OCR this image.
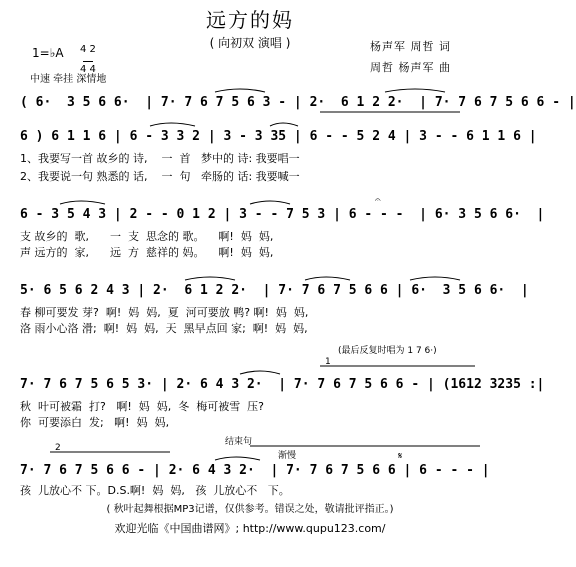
远方的妈
( 向初双 演唱 )	杨声军 周哲 词
周哲 杨声军 曲
1=♭A 4 2
4 4
中速 牵挂 深情地
( 6·  3 5 6 6·  | 7· 7 6 7 5 6 3 - | 2·  6 1 2 2·  | 7· 7 6 7 5 6 6 - |
6 ) 6 1 1 6 | 6 - 3 3 2 | 3 - 3 35 | 6 - - 5 2 4 | 3 - - 6 1 1 6 |
1、我要写一首 故乡的 诗,    一  首   梦中的 诗: 我要唱一
2、我要说一句 熟悉的 话,    一  句   牵肠的 话: 我要喊一
6 - 3 5 4 3 | 2 - - 0 1 2 | 3 - - 7 5 3 | 6 - - -  | 6· 3 5 6 6·  |
𝄐
支 故乡的  歌,      一  支  思念的 歌。    啊!  妈  妈,
声 远方的  家,      远  方  慈祥的 妈。    啊!  妈  妈,
5· 6 5 6 2 4 3 | 2·  6 1 2 2·  | 7· 7 6 7 5 6 6 | 6·  3 5 6 6·  |
春 柳可要发 芽?  啊!  妈  妈,  夏  河可要放 鸭? 啊!  妈  妈,
洛 雨小心洛 滑;  啊!  妈  妈,  天  黑早点回 家;  啊!  妈  妈,
(最后反复时唱为 1 7 6·)
7· 7 6 7 5 6 5 3· | 2· 6 4 3 2·  | 7· 7 6 7 5 6 6 - | (1612 3235 :|
1
秋  叶可被霜  打?   啊!  妈  妈,  冬  梅可被雪  压?
你  可要添白  发;   啊!  妈  妈,
结束句
渐慢
7· 7 6 7 5 6 6 - | 2· 6 4 3 2·  | 7· 7 6 7 5 6 6 | 6 - - - |
2
𝄋
孩  儿放心不 下。D.S.啊!  妈  妈,   孩  儿放心不   下。
( 秋叶起舞根据MP3记谱，仅供参考。错误之处，敬请批评指正。)
欢迎光临《中国曲谱网》; http://www.qupu123.com/
